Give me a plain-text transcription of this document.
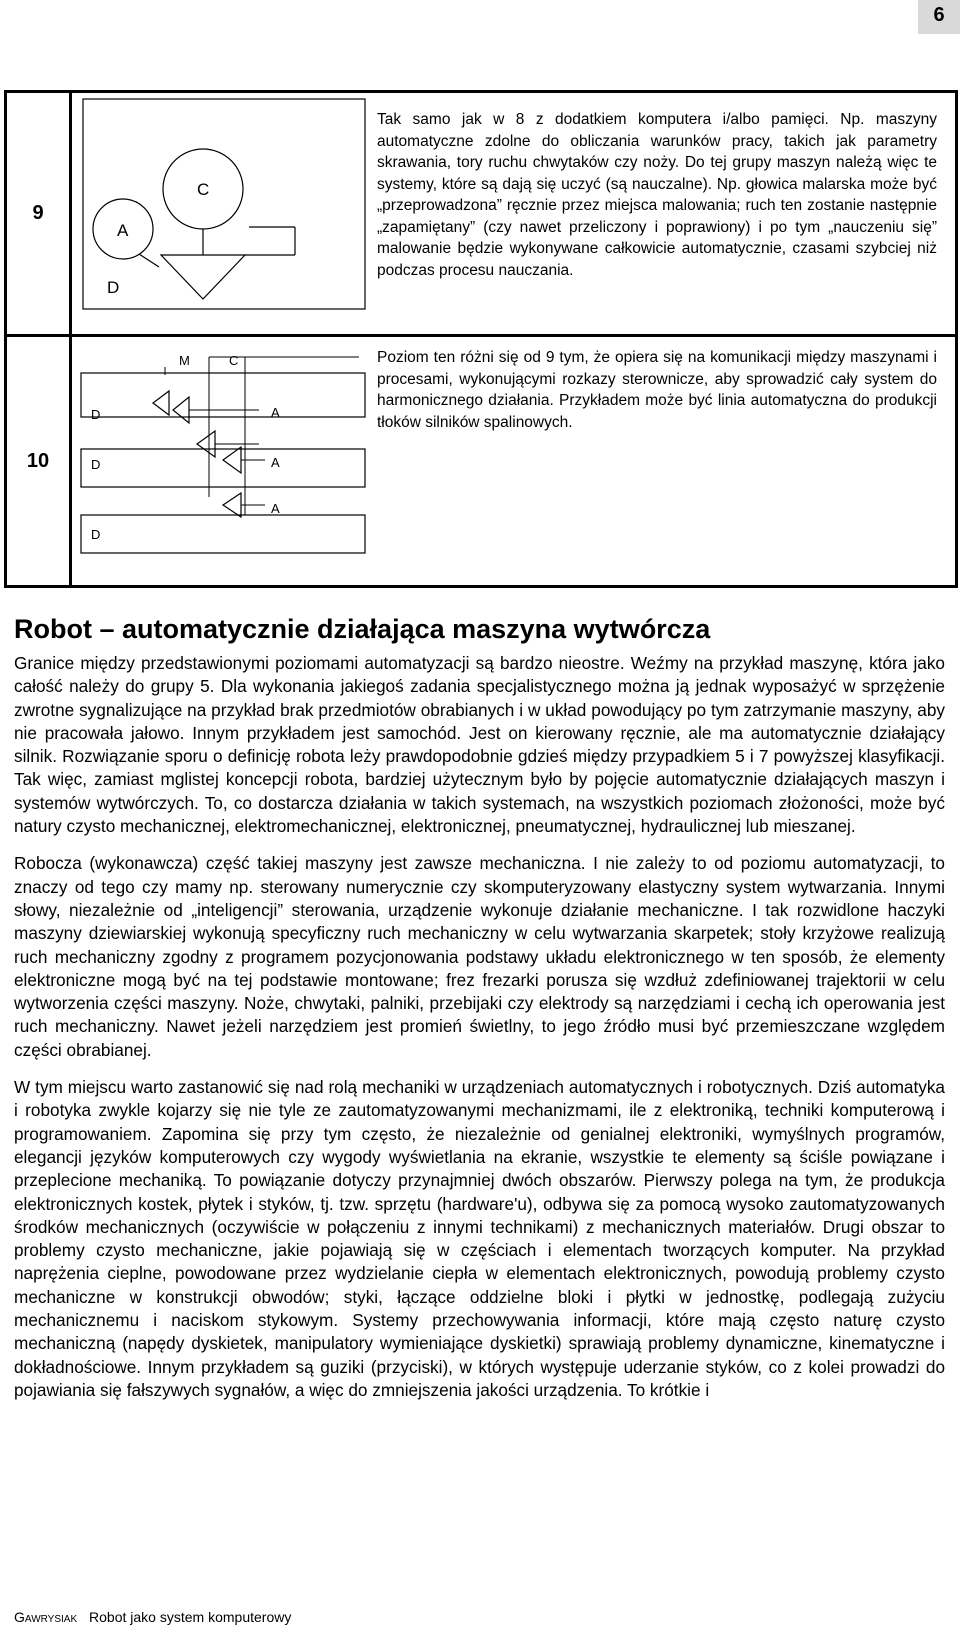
6
9
C
A
D
Tak samo jak w 8 z dodatkiem komputera i/albo pamięci. Np. maszyny automatyczne zdolne do obliczania warunków pracy, takich jak parametry skrawania, tory ruchu chwytaków czy noży. Do tej grupy maszyn należą więc te systemy, które są dają się uczyć (są nauczalne). Np. głowica malarska może być „przeprowadzona” ręcznie przez miejsca malowania; ruch ten zostanie następnie „zapamiętany” (czy nawet przeliczony i poprawiony) i po tym „nauczeniu się” malowanie będzie wykonywane całkowicie automatycznie, czasami szybciej niż podczas procesu nauczania.
10
M	C
D
D
D
A
A
A
Poziom ten różni się od 9 tym, że opiera się na komunikacji między maszynami i procesami, wykonującymi rozkazy sterownicze, aby sprowadzić cały system do harmonicznego działania. Przykładem może być linia automatyczna do produkcji tłoków silników spalinowych.
Robot – automatycznie działająca maszyna wytwórcza

Granice między przedstawionymi poziomami automatyzacji są bardzo nieostre. Weźmy na przykład maszynę, która jako całość należy do grupy 5. Dla wykonania jakiegoś zadania specjalistycznego można ją jednak wyposażyć w sprzężenie zwrotne sygnalizujące na przykład brak przedmiotów obrabianych i w układ powodujący po tym zatrzymanie maszyny, aby nie pracowała jałowo. Innym przykładem jest samochód. Jest on kierowany ręcznie, ale ma automatycznie działający silnik. Rozwiązanie sporu o definicję robota leży prawdopodobnie gdzieś między przypadkiem 5 i 7 powyższej klasyfikacji. Tak więc, zamiast mglistej koncepcji robota, bardziej użytecznym było by pojęcie automatycznie działających maszyn i systemów wytwórczych. To, co dostarcza działania w takich systemach, na wszystkich poziomach złożoności, może być natury czysto mechanicznej, elektromechanicznej, elektronicznej, pneumatycznej, hydraulicznej lub mieszanej.

Robocza (wykonawcza) część takiej maszyny jest zawsze mechaniczna. I nie zależy to od poziomu automatyzacji, to znaczy od tego czy mamy np. sterowany numerycznie czy skomputeryzowany elastyczny system wytwarzania. Innymi słowy, niezależnie od „inteligencji” sterowania, urządzenie wykonuje działanie mechaniczne. I tak rozwidlone haczyki maszyny dziewiarskiej wykonują specyficzny ruch mechaniczny w celu wytwarzania skarpetek; stoły krzyżowe realizują ruch mechaniczny zgodny z programem pozycjonowania podstawy układu elektronicznego w ten sposób, że elementy elektroniczne mogą być na tej podstawie montowane; frez frezarki porusza się wzdłuż zdefiniowanej trajektorii w celu wytworzenia części maszyny. Noże, chwytaki, palniki, przebijaki czy elektrody są narzędziami i cechą ich operowania jest ruch mechaniczny. Nawet jeżeli narzędziem jest promień świetlny, to jego źródło musi być przemieszczane względem części obrabianej.

W tym miejscu warto zastanowić się nad rolą mechaniki w urządzeniach automatycznych i robotycznych. Dziś automatyka i robotyka zwykle kojarzy się nie tyle ze zautomatyzowanymi mechanizmami, ile z elektroniką, techniki komputerową i programowaniem. Zapomina się przy tym często, że niezależnie od genialnej elektroniki, wymyślnych programów, elegancji języków komputerowych czy wygody wyświetlania na ekranie, wszystkie te elementy są ściśle powiązane i przeplecione mechaniką. To powiązanie dotyczy przynajmniej dwóch obszarów. Pierwszy polega na tym, że produkcja elektronicznych kostek, płytek i styków, tj. tzw. sprzętu (hardware'u), odbywa się za pomocą wysoko zautomatyzowanych środków mechanicznych (oczywiście w połączeniu z innymi technikami) z mechanicznych materiałów. Drugi obszar to problemy czysto mechaniczne, jakie pojawiają się w częściach i elementach tworzących komputer. Na przykład naprężenia cieplne, powodowane przez wydzielanie ciepła w elementach elektronicznych, powodują problemy czysto mechaniczne w konstrukcji obwodów; styki, łączące oddzielne bloki i płytki w jednostkę, podlegają zużyciu mechanicznemu i naciskom stykowym. Systemy przechowywania informacji, które mają często naturę czysto mechaniczną (napędy dyskietek, manipulatory wymieniające dyskietki) sprawiają problemy dynamiczne, kinematyczne i dokładnościowe. Innym przykładem są guziki (przyciski), w których występuje uderzanie styków, co z kolei prowadzi do pojawiania się fałszywych sygnałów, a więc do zmniejszenia jakości urządzenia. To krótkie i

Gawrysiak Robot jako system komputerowy
